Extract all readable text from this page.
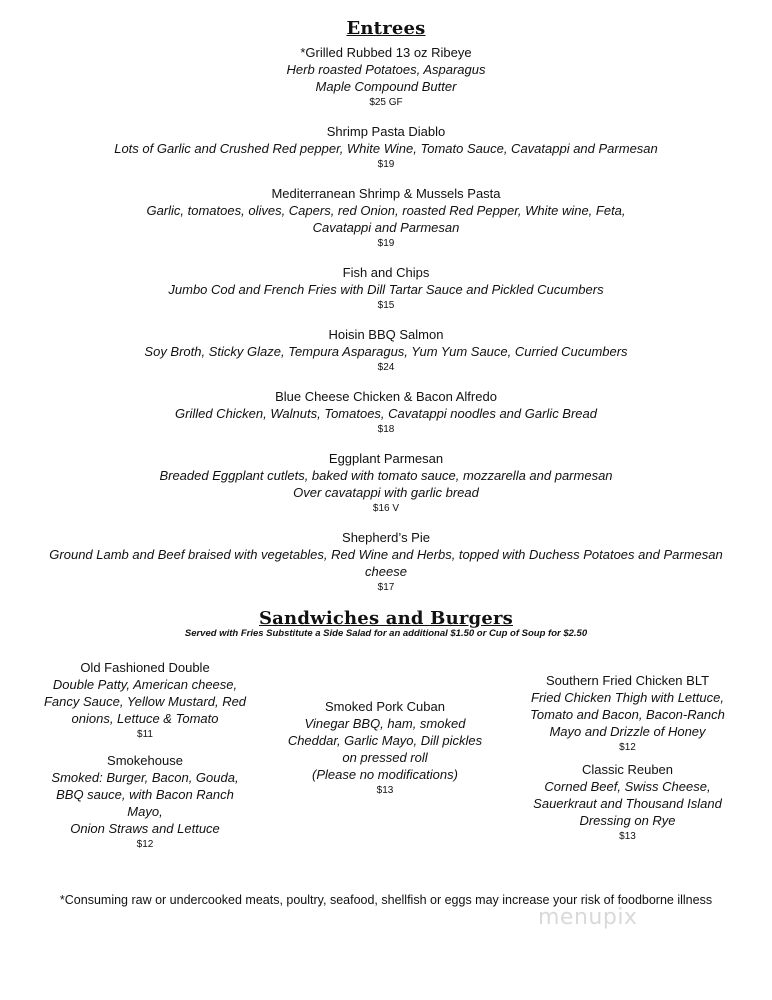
Entrees
*Grilled Rubbed 13 oz Ribeye
Herb roasted Potatoes, Asparagus
Maple Compound Butter
$25 GF
Shrimp Pasta Diablo
Lots of Garlic and Crushed Red pepper, White Wine, Tomato Sauce, Cavatappi and Parmesan
$19
Mediterranean Shrimp & Mussels Pasta
Garlic, tomatoes, olives, Capers, red Onion, roasted Red Pepper, White wine, Feta,
Cavatappi and Parmesan
$19
Fish and Chips
Jumbo Cod and French Fries with Dill Tartar Sauce and Pickled Cucumbers
$15
Hoisin BBQ Salmon
Soy Broth, Sticky Glaze, Tempura Asparagus, Yum Yum Sauce, Curried Cucumbers
$24
Blue Cheese Chicken & Bacon Alfredo
Grilled Chicken, Walnuts, Tomatoes, Cavatappi noodles and Garlic Bread
$18
Eggplant Parmesan
Breaded Eggplant cutlets, baked with tomato sauce, mozzarella and parmesan
Over cavatappi with garlic bread
$16 V
Shepherd’s Pie
Ground Lamb and Beef braised with vegetables, Red Wine and Herbs, topped with Duchess Potatoes and Parmesan
cheese
$17
Sandwiches and Burgers
Served with Fries Substitute a Side Salad for an additional $1.50 or Cup of Soup for $2.50
Old Fashioned Double
Double Patty, American cheese,
Fancy Sauce, Yellow Mustard, Red
onions, Lettuce & Tomato
$11
Smokehouse
Smoked: Burger, Bacon, Gouda,
BBQ sauce, with Bacon Ranch
Mayo,
Onion Straws and Lettuce
$12
Smoked Pork Cuban
Vinegar BBQ, ham, smoked
Cheddar, Garlic Mayo, Dill pickles
on pressed roll
(Please no modifications)
$13
Southern Fried Chicken BLT
Fried Chicken Thigh with Lettuce,
Tomato and Bacon, Bacon-Ranch
Mayo and Drizzle of Honey
$12
Classic Reuben
Corned Beef, Swiss Cheese,
Sauerkraut and Thousand Island
Dressing on Rye
$13
*Consuming raw or undercooked meats, poultry, seafood, shellfish or eggs may increase your risk of foodborne illness
menupix
